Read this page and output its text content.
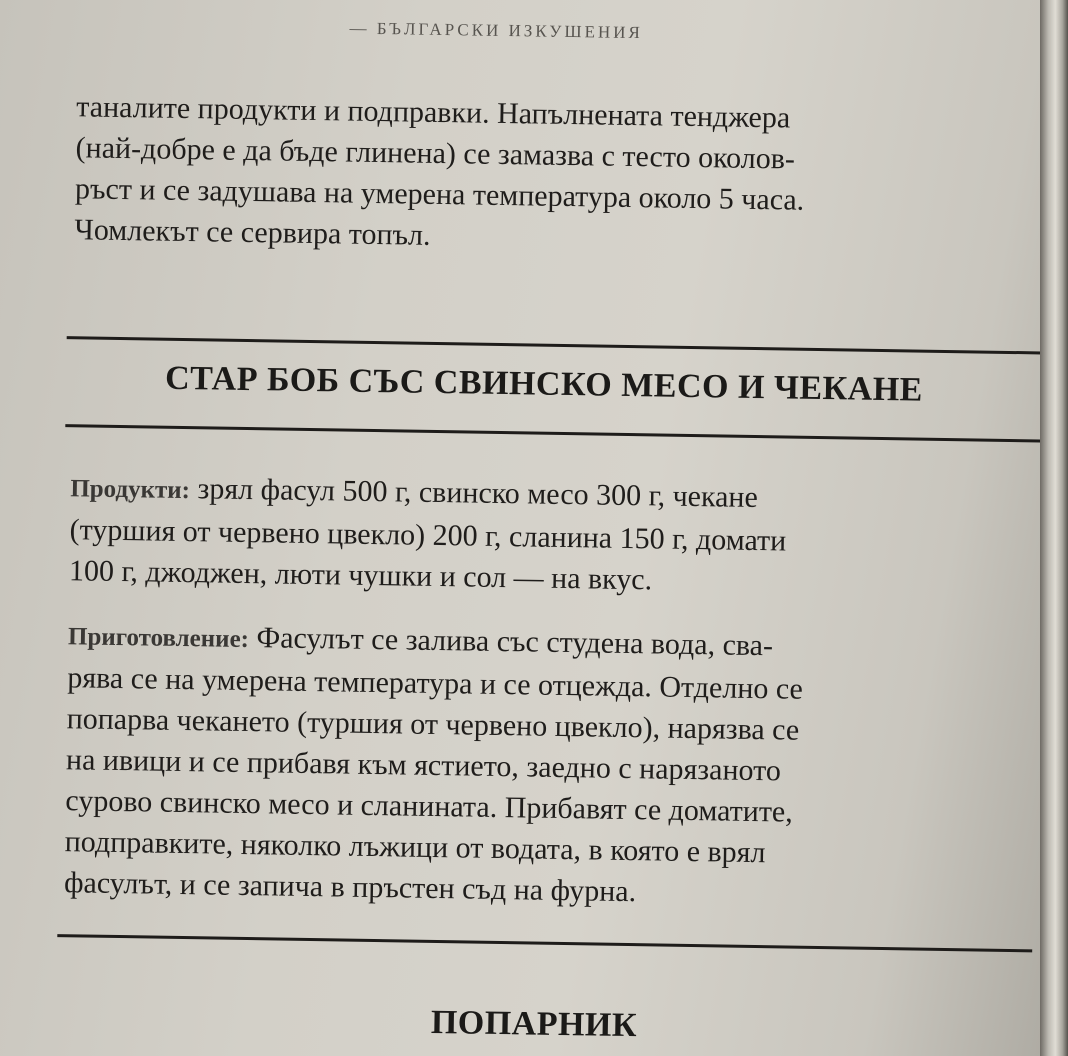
— БЪЛГАРСКИ ИЗКУШЕНИЯ
таналите продукти и подправки. Напълнената тенджера
(най-добре е да бъде глинена) се замазва с тесто околов-
ръст и се задушава на умерена температура около 5 часа.
Чомлекът се сервира топъл.
СТАР БОБ СЪС СВИНСКО МЕСО И ЧЕКАНЕ
Продукти: зрял фасул 500 г, свинско месо 300 г, чекане
(туршия от червено цвекло) 200 г, сланина 150 г, домати
100 г, джоджен, люти чушки и сол — на вкус.
Приготовление: Фасулът се залива със студена вода, сва-
рява се на умерена температура и се отцежда. Отделно се
попарва чекането (туршия от червено цвекло), нарязва се
на ивици и се прибавя към ястието, заедно с нарязаното
сурово свинско месо и сланината. Прибавят се доматите,
подправките, няколко лъжици от водата, в която е врял
фасулът, и се запича в пръстен съд на фурна.
ПОПАРНИК
